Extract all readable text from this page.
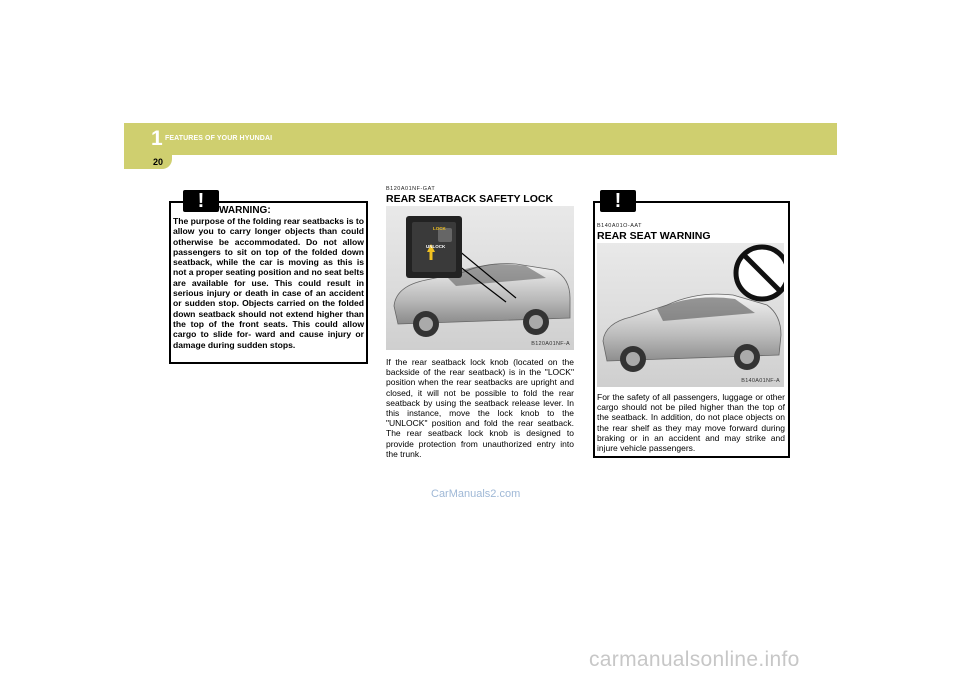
1 FEATURES OF YOUR HYUNDAI
20
!	WARNING:
The purpose of the folding rear seatbacks is to allow you to carry longer objects than could otherwise be accommodated. Do not allow passengers to sit on top of the folded down seatback, while the car is moving as this is not a proper seating position and no seat belts are available for use. This could result in serious injury or death in case of an accident or sudden stop. Objects carried on the folded down seatback should not extend higher than the top of the front seats. This could allow cargo to slide for- ward and cause injury or damage during sudden stops.
B120A01NF-GAT
REAR SEATBACK SAFETY LOCK
LOCK
UNLOCK
B120A01NF-A
If the rear seatback lock knob (located on the backside of the rear seatback) is in the "LOCK" position when the rear seatbacks are upright and closed, it will not be possible to fold the rear seatback by using the seatback release lever. In this instance, move the lock knob to the "UNLOCK" position and fold the rear seatback. The rear seatback lock knob is designed to provide protection from unauthorized entry into the trunk.
!
B140A01O-AAT
REAR SEAT WARNING
B140A01NF-A
For the safety of all passengers, luggage or other cargo should not be piled higher than the top of the seatback. In addition, do not place objects on the rear shelf as they may move forward during braking or in an accident and may strike and injure vehicle passengers.
CarManuals2.com
carmanualsonline.info
